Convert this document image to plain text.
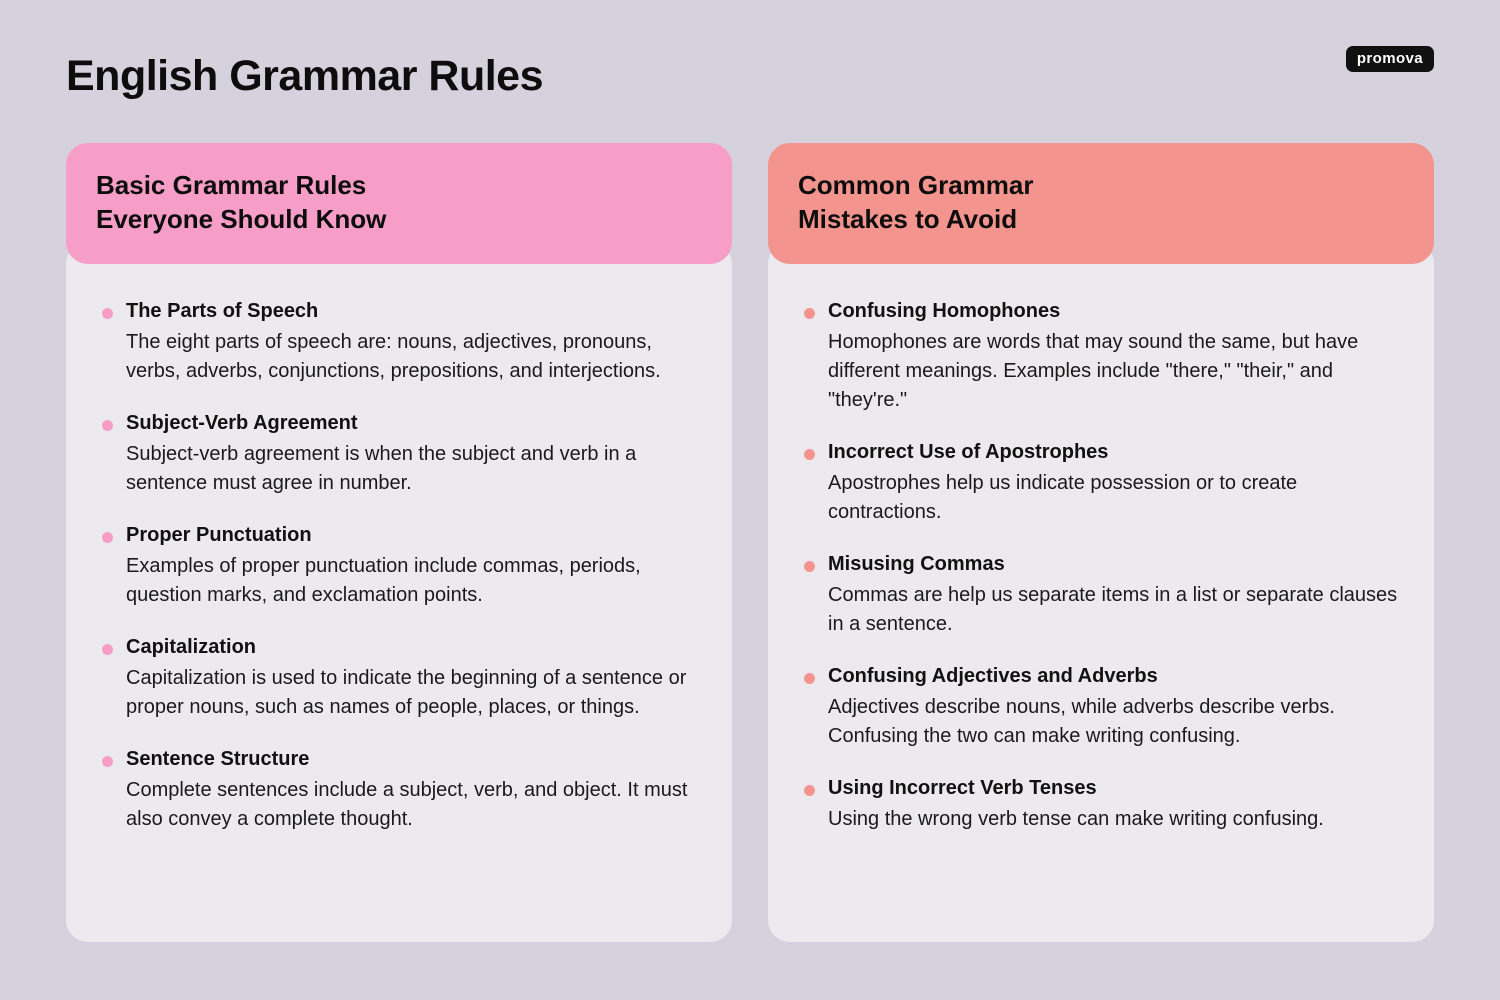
English Grammar Rules	promova
Basic Grammar Rules
Everyone Should Know

The Parts of Speech

The eight parts of speech are: nouns, adjectives, pronouns, verbs, adverbs, conjunctions, prepositions, and interjections.

Subject-Verb Agreement

Subject-verb agreement is when the subject and verb in a sentence must agree in number.

Proper Punctuation

Examples of proper punctuation include commas, periods, question marks, and exclamation points.

Capitalization

Capitalization is used to indicate the beginning of a sentence or proper nouns, such as names of people, places, or things.

Sentence Structure

Complete sentences include a subject, verb, and object. It must also convey a complete thought.

Common Grammar
Mistakes to Avoid

Confusing Homophones

Homophones are words that may sound the same, but have different meanings. Examples include "there," "their," and "they're."

Incorrect Use of Apostrophes

Apostrophes help us indicate possession or to create contractions.

Misusing Commas

Commas are help us separate items in a list or separate clauses in a sentence.

Confusing Adjectives and Adverbs

Adjectives describe nouns, while adverbs describe verbs. Confusing the two can make writing confusing.

Using Incorrect Verb Tenses

Using the wrong verb tense can make writing confusing.
